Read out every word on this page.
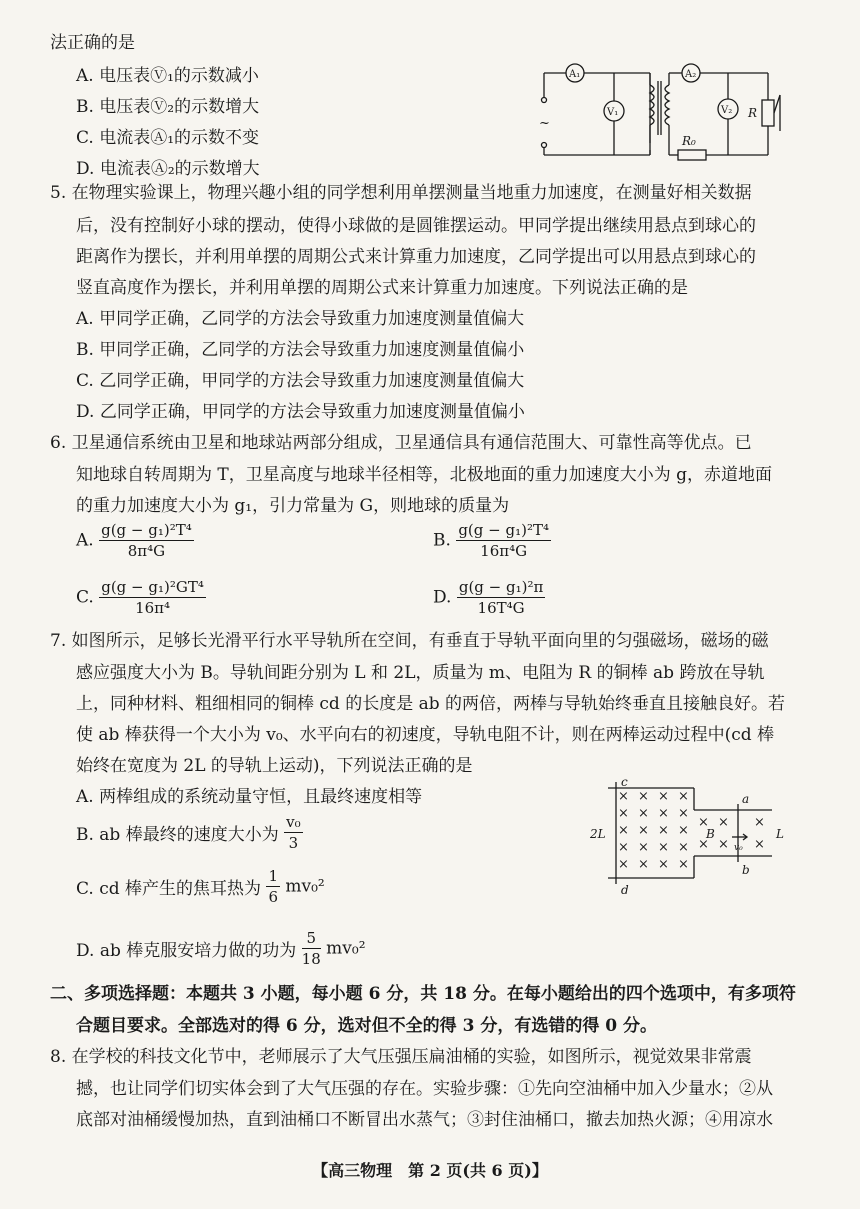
法正确的是
A. 电压表Ⓥ₁的示数减小
B. 电压表Ⓥ₂的示数增大
C. 电流表Ⓐ₁的示数不变
D. 电流表Ⓐ₂的示数增大
A₁
V₁
A₂
V₂ R
R₀
~
5. 在物理实验课上，物理兴趣小组的同学想利用单摆测量当地重力加速度，在测量好相关数据
后，没有控制好小球的摆动，使得小球做的是圆锥摆运动。甲同学提出继续用悬点到球心的
距离作为摆长，并利用单摆的周期公式来计算重力加速度，乙同学提出可以用悬点到球心的
竖直高度作为摆长，并利用单摆的周期公式来计算重力加速度。下列说法正确的是
A. 甲同学正确，乙同学的方法会导致重力加速度测量值偏大
B. 甲同学正确，乙同学的方法会导致重力加速度测量值偏小
C. 乙同学正确，甲同学的方法会导致重力加速度测量值偏大
D. 乙同学正确，甲同学的方法会导致重力加速度测量值偏小
6. 卫星通信系统由卫星和地球站两部分组成，卫星通信具有通信范围大、可靠性高等优点。已
知地球自转周期为 T，卫星高度与地球半径相等，北极地面的重力加速度大小为 g，赤道地面
的重力加速度大小为 g₁，引力常量为 G，则地球的质量为
A. $\frac{\text{g(g − g₁)²T⁴}}{\text{8π⁴G}}$	B. $\frac{\text{g(g − g₁)²T⁴}}{\text{16π⁴G}}$
C. $\frac{\text{g(g − g₁)²GT⁴}}{\text{16π⁴}}$	D. $\frac{\text{g(g − g₁)²π}}{\text{16T⁴G}}$
7. 如图所示，足够长光滑平行水平导轨所在空间，有垂直于导轨平面向里的匀强磁场，磁场的磁
感应强度大小为 B。导轨间距分别为 L 和 2L，质量为 m、电阻为 R 的铜棒 ab 跨放在导轨
上，同种材料、粗细相同的铜棒 cd 的长度是 ab 的两倍，两棒与导轨始终垂直且接触良好。若
使 ab 棒获得一个大小为 v₀、水平向右的初速度，导轨电阻不计，则在两棒运动过程中(cd 棒
始终在宽度为 2L 的导轨上运动)，下列说法正确的是
A. 两棒组成的系统动量守恒，且最终速度相等
B. ab 棒最终的速度大小为 $\frac{\text{v₀}}{3}$
C. cd 棒产生的焦耳热为 $\frac{1}{6} mv_0^2$
D. ab 棒克服安培力做的功为 $\frac{5}{18} mv_0^2$
× × × ×
× × × ×
× × × ×
× × × ×
× × × ×
×
×
×
×
×
×
c
d
a
b
B	L
2L
v₀
二、多项选择题：本题共 3 小题，每小题 6 分，共 18 分。在每小题给出的四个选项中，有多项符
合题目要求。全部选对的得 6 分，选对但不全的得 3 分，有选错的得 0 分。
8. 在学校的科技文化节中，老师展示了大气压强压扁油桶的实验，如图所示，视觉效果非常震
撼，也让同学们切实体会到了大气压强的存在。实验步骤：①先向空油桶中加入少量水；②从
底部对油桶缓慢加热，直到油桶口不断冒出水蒸气；③封住油桶口，撤去加热火源；④用凉水
【高三物理　第 2 页(共 6 页)】
